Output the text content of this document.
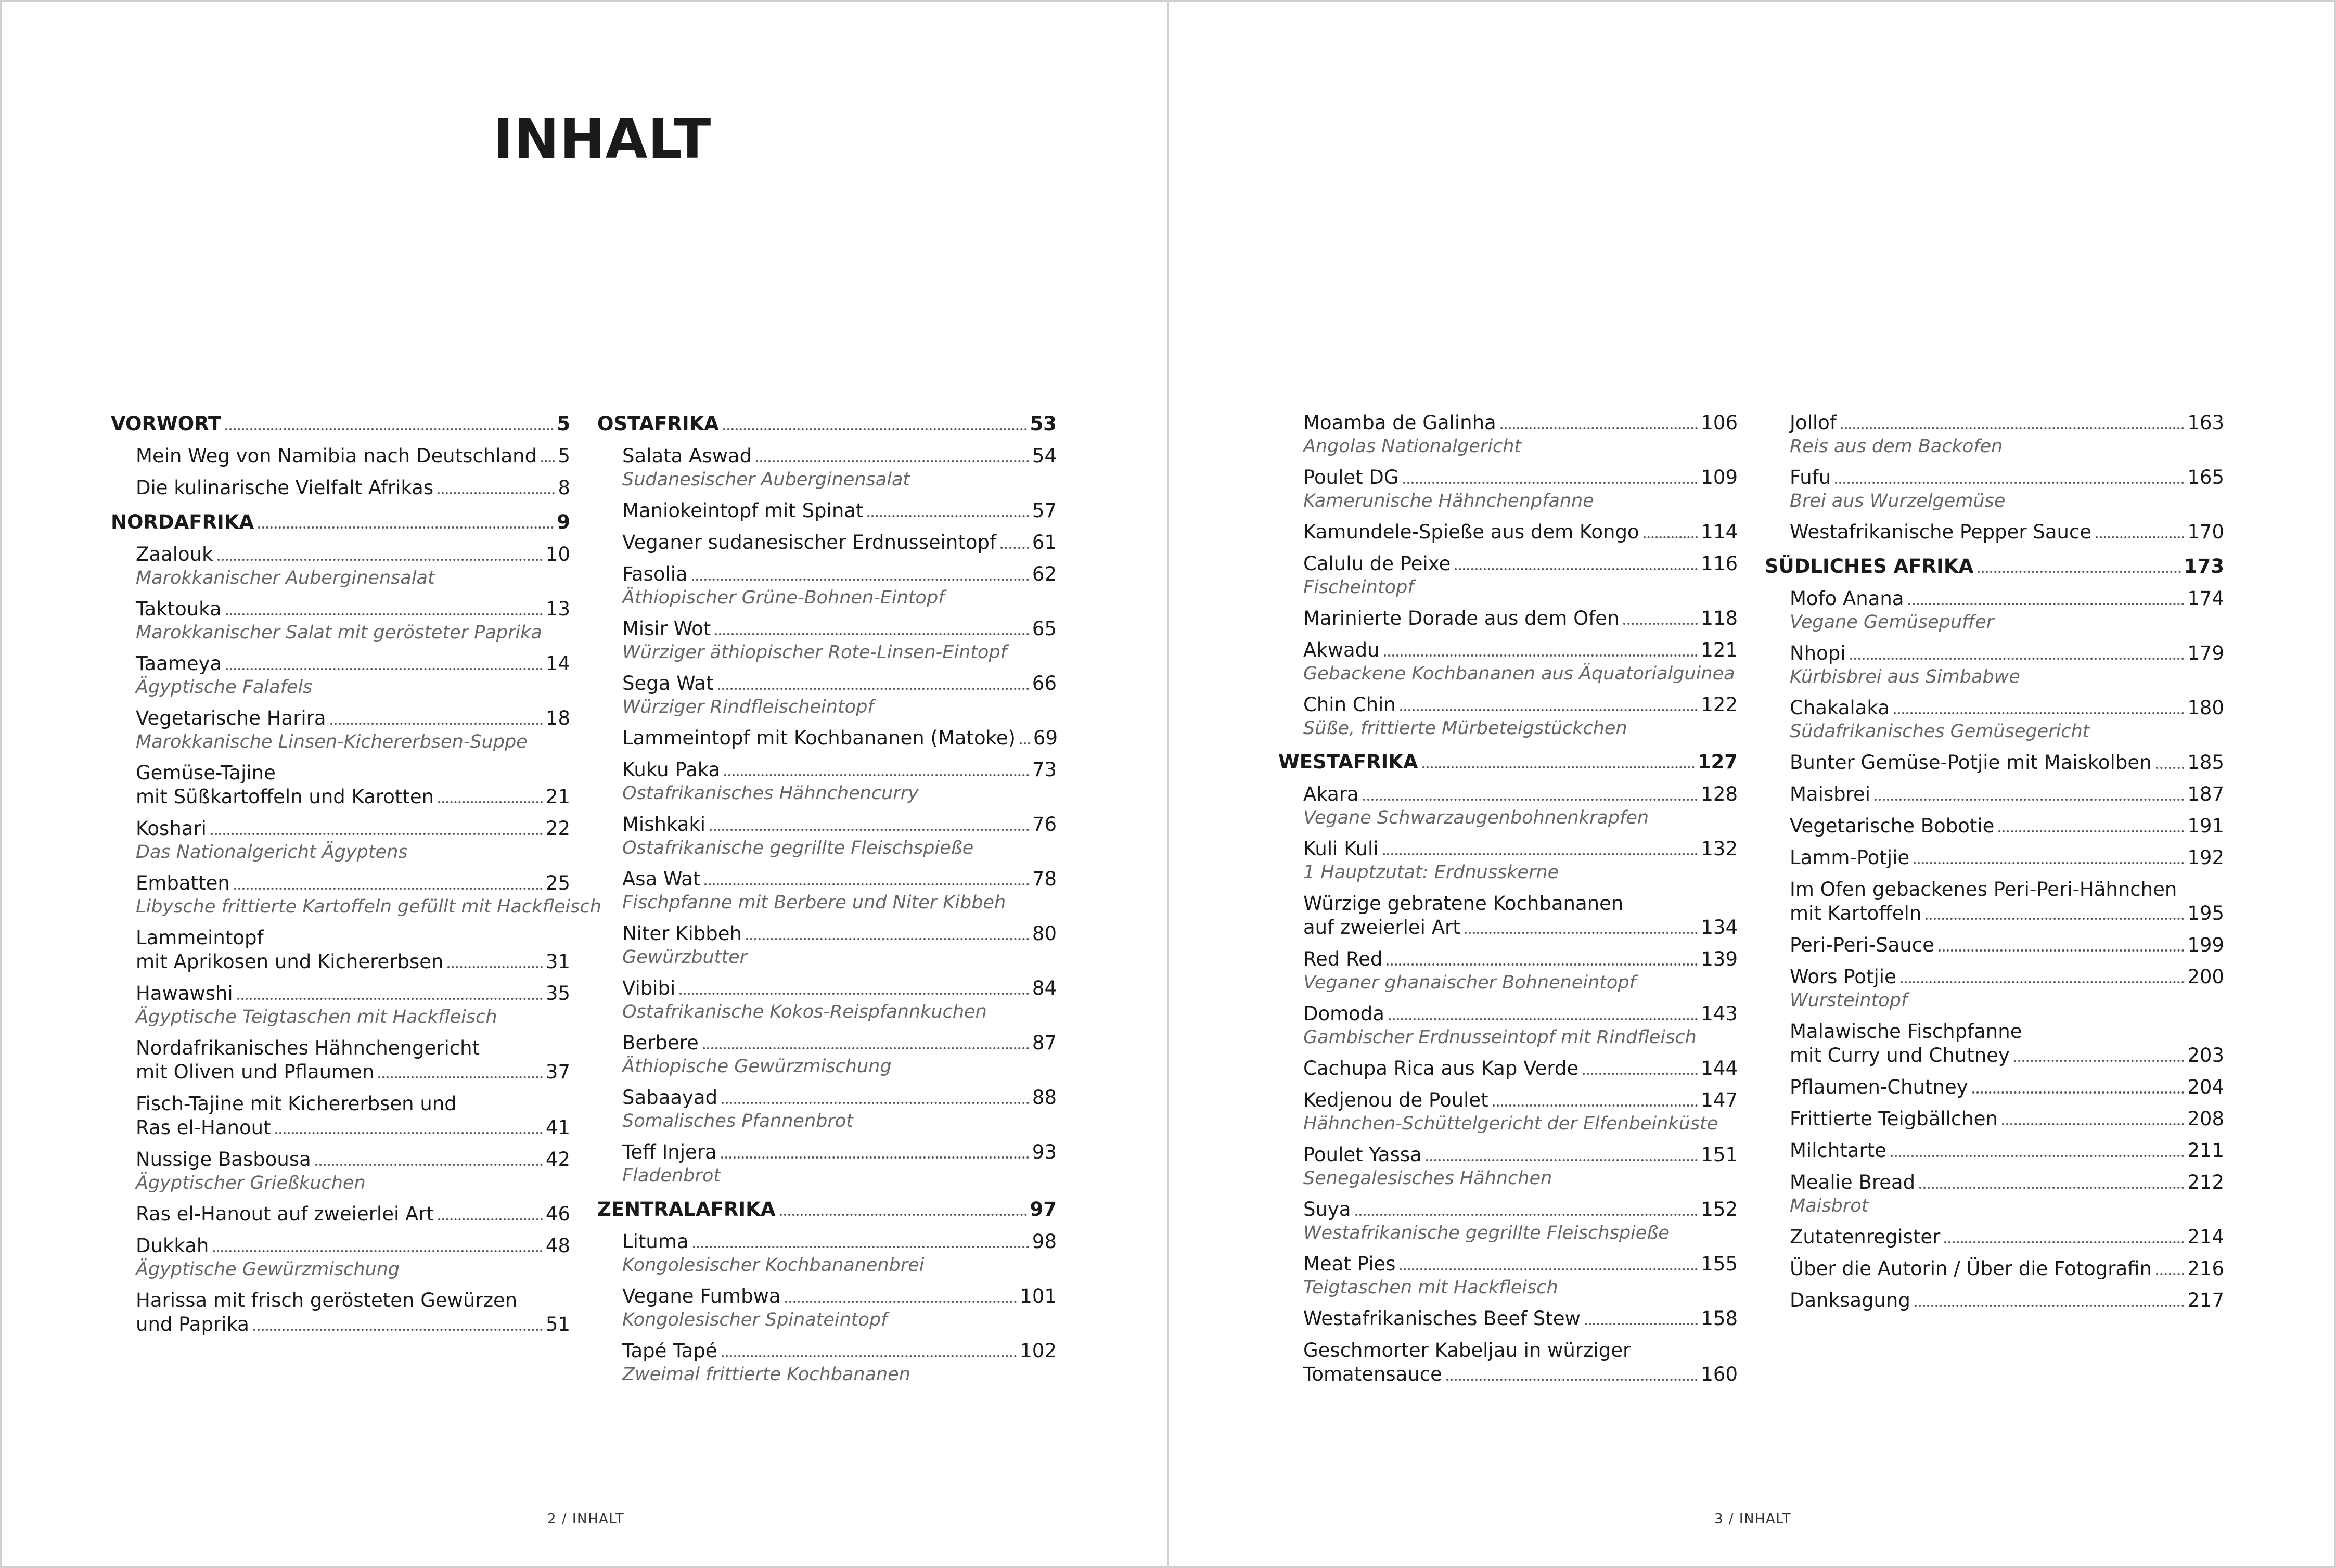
INHALT
VORWORT	5
Mein Weg von Namibia nach Deutschland 5
Die kulinarische Vielfalt Afrikas	8
NORDAFRIKA	9
Zaalouk	10
Marokkanischer Auberginensalat
Taktouka	13
Marokkanischer Salat mit gerösteter Paprika
Taameya	14
Ägyptische Falafels
Vegetarische Harira	18
Marokkanische Linsen-Kichererbsen-Suppe
Gemüse-Tajine
mit Süßkartoffeln und Karotten	21
Koshari	22
Das Nationalgericht Ägyptens
Embatten	25
Libysche frittierte Kartoffeln gefüllt mit Hackfleisch
Lammeintopf
mit Aprikosen und Kichererbsen	31
Hawawshi	35
Ägyptische Teigtaschen mit Hackfleisch
Nordafrikanisches Hähnchengericht
mit Oliven und Pflaumen	37
Fisch-Tajine mit Kichererbsen und
Ras el-Hanout	41
Nussige Basbousa	42
Ägyptischer Grießkuchen
Ras el-Hanout auf zweierlei Art	46
Dukkah	48
Ägyptische Gewürzmischung
Harissa mit frisch gerösteten Gewürzen
und Paprika	51
OSTAFRIKA	53
Salata Aswad	54
Sudanesischer Auberginensalat
Maniokeintopf mit Spinat	57
Veganer sudanesischer Erdnusseintopf 61
Fasolia	62
Äthiopischer Grüne-Bohnen-Eintopf
Misir Wot	65
Würziger äthiopischer Rote-Linsen-Eintopf
Sega Wat	66
Würziger Rindfleischeintopf
Lammeintopf mit Kochbananen (Matoke) 69
Kuku Paka	73
Ostafrikanisches Hähnchencurry
Mishkaki	76
Ostafrikanische gegrillte Fleischspieße
Asa Wat	78
Fischpfanne mit Berbere und Niter Kibbeh
Niter Kibbeh	80
Gewürzbutter
Vibibi	84
Ostafrikanische Kokos-Reispfannkuchen
Berbere	87
Äthiopische Gewürzmischung
Sabaayad	88
Somalisches Pfannenbrot
Teff Injera	93
Fladenbrot
ZENTRALAFRIKA	97
Lituma	98
Kongolesischer Kochbananenbrei
Vegane Fumbwa	101
Kongolesischer Spinateintopf
Tapé Tapé	102
Zweimal frittierte Kochbananen
Moamba de Galinha	106
Angolas Nationalgericht
Poulet DG	109
Kamerunische Hähnchenpfanne
Kamundele-Spieße aus dem Kongo	114
Calulu de Peixe	116
Fischeintopf
Marinierte Dorade aus dem Ofen	118
Akwadu	121
Gebackene Kochbananen aus Äquatorialguinea
Chin Chin	122
Süße, frittierte Mürbeteigstückchen
WESTAFRIKA	127
Akara	128
Vegane Schwarzaugenbohnenkrapfen
Kuli Kuli	132
1 Hauptzutat: Erdnusskerne
Würzige gebratene Kochbananen
auf zweierlei Art	134
Red Red	139
Veganer ghanaischer Bohneneintopf
Domoda	143
Gambischer Erdnusseintopf mit Rindfleisch
Cachupa Rica aus Kap Verde	144
Kedjenou de Poulet	147
Hähnchen-Schüttelgericht der Elfenbeinküste
Poulet Yassa	151
Senegalesisches Hähnchen
Suya	152
Westafrikanische gegrillte Fleischspieße
Meat Pies	155
Teigtaschen mit Hackfleisch
Westafrikanisches Beef Stew	158
Geschmorter Kabeljau in würziger
Tomatensauce	160
Jollof	163
Reis aus dem Backofen
Fufu	165
Brei aus Wurzelgemüse
Westafrikanische Pepper Sauce	170
SÜDLICHES AFRIKA	173
Mofo Anana	174
Vegane Gemüsepuffer
Nhopi	179
Kürbisbrei aus Simbabwe
Chakalaka	180
Südafrikanisches Gemüsegericht
Bunter Gemüse-Potjie mit Maiskolben 185
Maisbrei	187
Vegetarische Bobotie	191
Lamm-Potjie	192
Im Ofen gebackenes Peri-Peri-Hähnchen
mit Kartoffeln	195
Peri-Peri-Sauce	199
Wors Potjie	200
Wursteintopf
Malawische Fischpfanne
mit Curry und Chutney	203
Pflaumen-Chutney	204
Frittierte Teigbällchen	208
Milchtarte	211
Mealie Bread	212
Maisbrot
Zutatenregister	214
Über die Autorin / Über die Fotografin 216
Danksagung	217
2 / INHALT	3 / INHALT
